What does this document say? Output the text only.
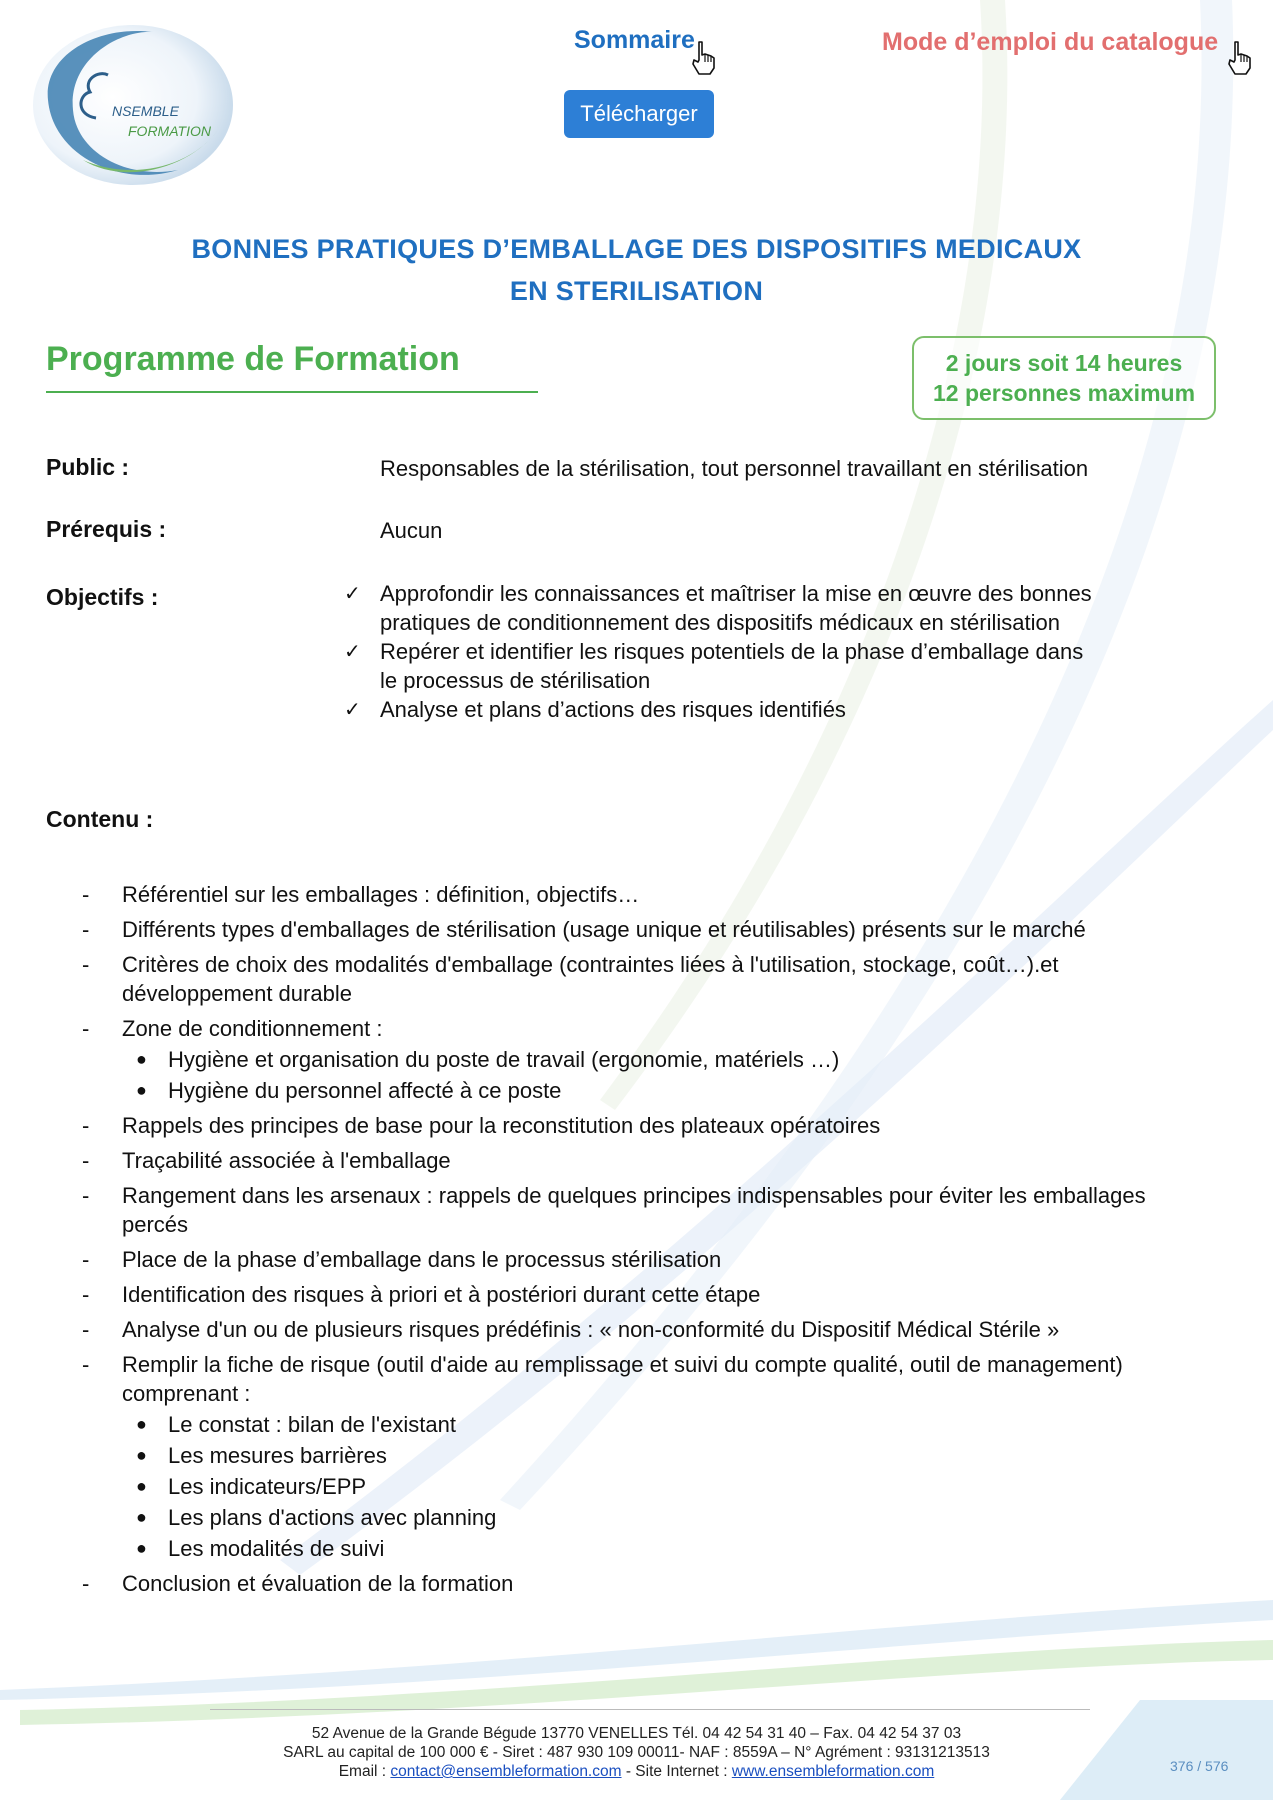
NSEMBLE
FORMATION
Sommaire	Mode d’emploi du catalogue
Télécharger
BONNES PRATIQUES D’EMBALLAGE DES DISPOSITIFS MEDICAUX
EN STERILISATION
Programme de Formation	2 jours soit 14 heures
12 personnes maximum
Public :	Responsables de la stérilisation, tout personnel travaillant en stérilisation
Prérequis :	Aucun
Objectifs :	✓ Approfondir les connaissances et maîtriser la mise en œuvre des bonnes pratiques de conditionnement des dispositifs médicaux en stérilisation
✓ Repérer et identifier les risques potentiels de la phase d’emballage dans le processus de stérilisation
✓ Analyse et plans d’actions des risques identifiés
Contenu :
- Référentiel sur les emballages : définition, objectifs…
- Différents types d'emballages de stérilisation (usage unique et réutilisables) présents sur le marché
- Critères de choix des modalités d'emballage (contraintes liées à l'utilisation, stockage, coût…).et développement durable
- Zone de conditionnement :
● Hygiène et organisation du poste de travail (ergonomie, matériels …)
● Hygiène du personnel affecté à ce poste
- Rappels des principes de base pour la reconstitution des plateaux opératoires
- Traçabilité associée à l'emballage
- Rangement dans les arsenaux : rappels de quelques principes indispensables pour éviter les emballages percés
- Place de la phase d’emballage dans le processus stérilisation
- Identification des risques à priori et à postériori durant cette étape
- Analyse d'un ou de plusieurs risques prédéfinis : « non-conformité du Dispositif Médical Stérile »
- Remplir la fiche de risque (outil d'aide au remplissage et suivi du compte qualité, outil de management) comprenant :
● Le constat : bilan de l'existant
● Les mesures barrières
● Les indicateurs/EPP
● Les plans d'actions avec planning
● Les modalités de suivi
- Conclusion et évaluation de la formation
52 Avenue de la Grande Bégude 13770 VENELLES Tél. 04 42 54 31 40 – Fax. 04 42 54 37 03
SARL au capital de 100 000 € - Siret : 487 930 109 00011- NAF : 8559A – N° Agrément : 93131213513
Email : contact@ensembleformation.com - Site Internet : www.ensembleformation.com	376 / 576
